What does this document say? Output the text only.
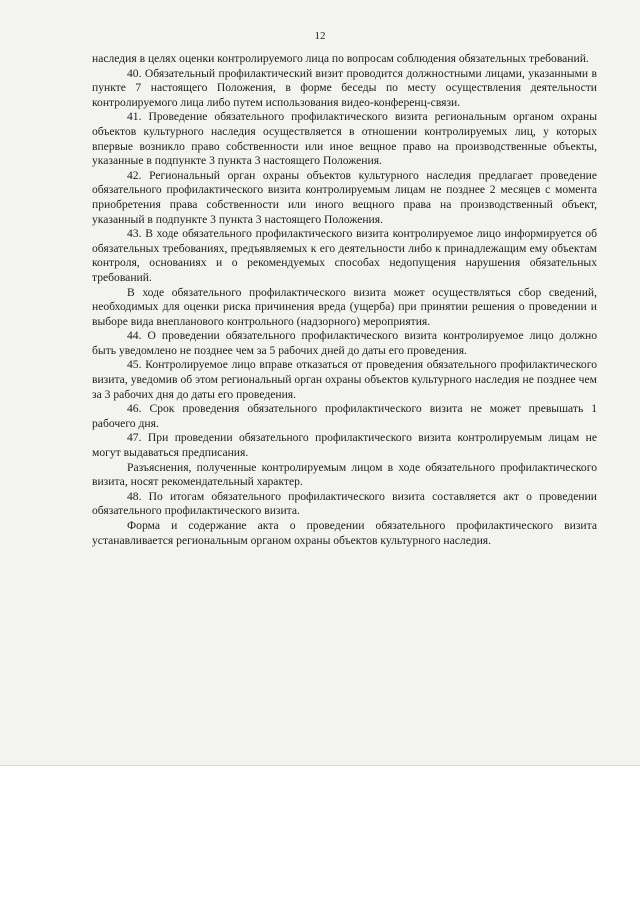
12

наследия в целях оценки контролируемого лица по вопросам соблюдения обязательных требований.

40. Обязательный профилактический визит проводится должностными лицами, указанными в пункте 7 настоящего Положения, в форме беседы по месту осуществления деятельности контролируемого лица либо путем использования видео-конференц-связи.

41. Проведение обязательного профилактического визита региональным органом охраны объектов культурного наследия осуществляется в отношении контролируемых лиц, у которых впервые возникло право собственности или иное вещное право на производственные объекты, указанные в подпункте 3 пункта 3 настоящего Положения.

42. Региональный орган охраны объектов культурного наследия предлагает проведение обязательного профилактического визита контролируемым лицам не позднее 2 месяцев с момента приобретения права собственности или иного вещного права на производственный объект, указанный в подпункте 3 пункта 3 настоящего Положения.

43. В ходе обязательного профилактического визита контролируемое лицо информируется об обязательных требованиях, предъявляемых к его деятельности либо к принадлежащим ему объектам контроля, основаниях и о рекомендуемых способах недопущения нарушения обязательных требований.

В ходе обязательного профилактического визита может осуществляться сбор сведений, необходимых для оценки риска причинения вреда (ущерба) при принятии решения о проведении и выборе вида внепланового контрольного (надзорного) мероприятия.

44. О проведении обязательного профилактического визита контролируемое лицо должно быть уведомлено не позднее чем за 5 рабочих дней до даты его проведения.

45. Контролируемое лицо вправе отказаться от проведения обязательного профилактического визита, уведомив об этом региональный орган охраны объектов культурного наследия не позднее чем за 3 рабочих дня до даты его проведения.

46. Срок проведения обязательного профилактического визита не может превышать 1 рабочего дня.

47. При проведении обязательного профилактического визита контролируемым лицам не могут выдаваться предписания.

Разъяснения, полученные контролируемым лицом в ходе обязательного профилактического визита, носят рекомендательный характер.

48. По итогам обязательного профилактического визита составляется акт о проведении обязательного профилактического визита.

Форма и содержание акта о проведении обязательного профилактического визита устанавливается региональным органом охраны объектов культурного наследия.
